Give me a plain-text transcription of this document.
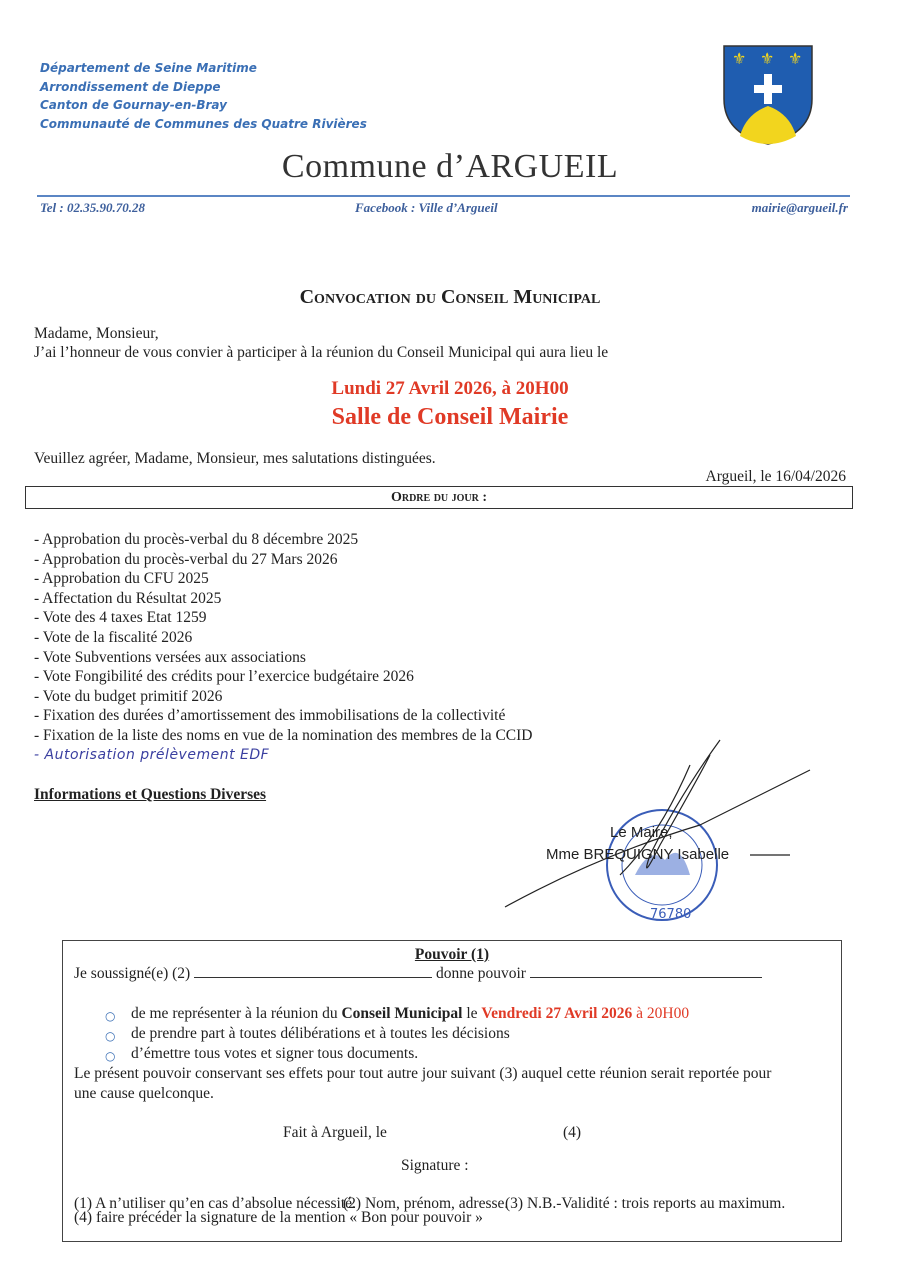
Département de Seine Maritime
Arrondissement de Dieppe
Canton de Gournay-en-Bray
Communauté de Communes des Quatre Rivières
⚜ ⚜ ⚜
Commune d’ARGUEIL
Tel : 02.35.90.70.28	Facebook : Ville d’Argueil	mairie@argueil.fr
Convocation du Conseil Municipal
Madame, Monsieur,
J’ai l’honneur de vous convier à participer à la réunion du Conseil Municipal qui aura lieu le
Lundi 27 Avril 2026, à 20H00
Salle de Conseil Mairie
Veuillez agréer, Madame, Monsieur, mes salutations distinguées.
Argueil, le 16/04/2026
Ordre du jour :
- Approbation du procès-verbal du 8 décembre 2025
- Approbation du procès-verbal du 27 Mars 2026
- Approbation du CFU 2025
- Affectation du Résultat 2025
- Vote des 4 taxes Etat 1259
- Vote de la fiscalité 2026
- Vote Subventions versées aux associations
- Vote Fongibilité des crédits pour l’exercice budgétaire 2026
- Vote du budget primitif 2026
- Fixation des durées d’amortissement des immobilisations de la collectivité
- Fixation de la liste des noms en vue de la nomination des membres de la CCID
- Autorisation prélèvement EDF
Informations et Questions Diverses
76780
Le Maire,
Mme BREQUIGNY Isabelle
Pouvoir (1)
Je soussigné(e) (2)	donne pouvoir
○ de me représenter à la réunion du Conseil Municipal le Vendredi 27 Avril 2026 à 20H00
○ de prendre part à toutes délibérations et à toutes les décisions
○ d’émettre tous votes et signer tous documents.
Le présent pouvoir conservant ses effets pour tout autre jour suivant (3) auquel cette réunion serait reportée pour une cause quelconque.
Fait à Argueil, le	(4)
Signature :
(1) A n’utiliser qu’en cas d’absolue nécessité.
(2) Nom, prénom, adresse.
(3) N.B.-Validité : trois reports au maximum.
(4) faire précéder la signature de la mention « Bon pour pouvoir »
